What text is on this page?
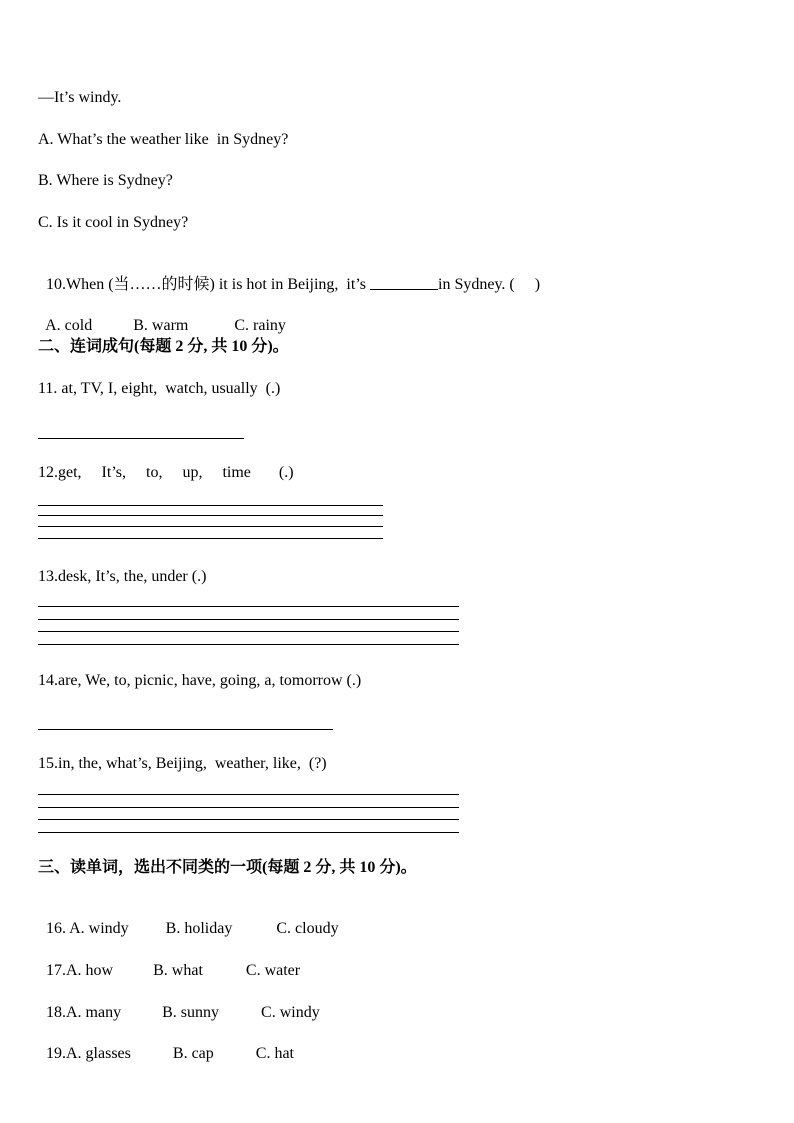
—It’s windy.
A. What’s the weather like  in Sydney?
B. Where is Sydney?
C. Is it cool in Sydney?

10.When (当……的时候) it is hot in Beijing,  it’s	in Sydney. (     )

A. cold	B. warm	C. rainy

二、连词成句(每题 2 分, 共 10 分)。
11. at, TV, I, eight,  watch, usually  (.)
12.get,     It’s,     to,     up,     time       (.)
13.desk, It’s, the, under (.)
14.are, We, to, picnic, have, going, a, tomorrow (.)
15.in, the, what’s, Beijing,  weather, like,  (?)
三、读单词，选出不同类的一项(每题 2 分, 共 10 分)。

16. A. windy B. holiday	C. cloudy

17.A. how	B. what	C. water

18.A. many	B. sunny	C. windy

19.A. glasses	B. cap	C. hat
